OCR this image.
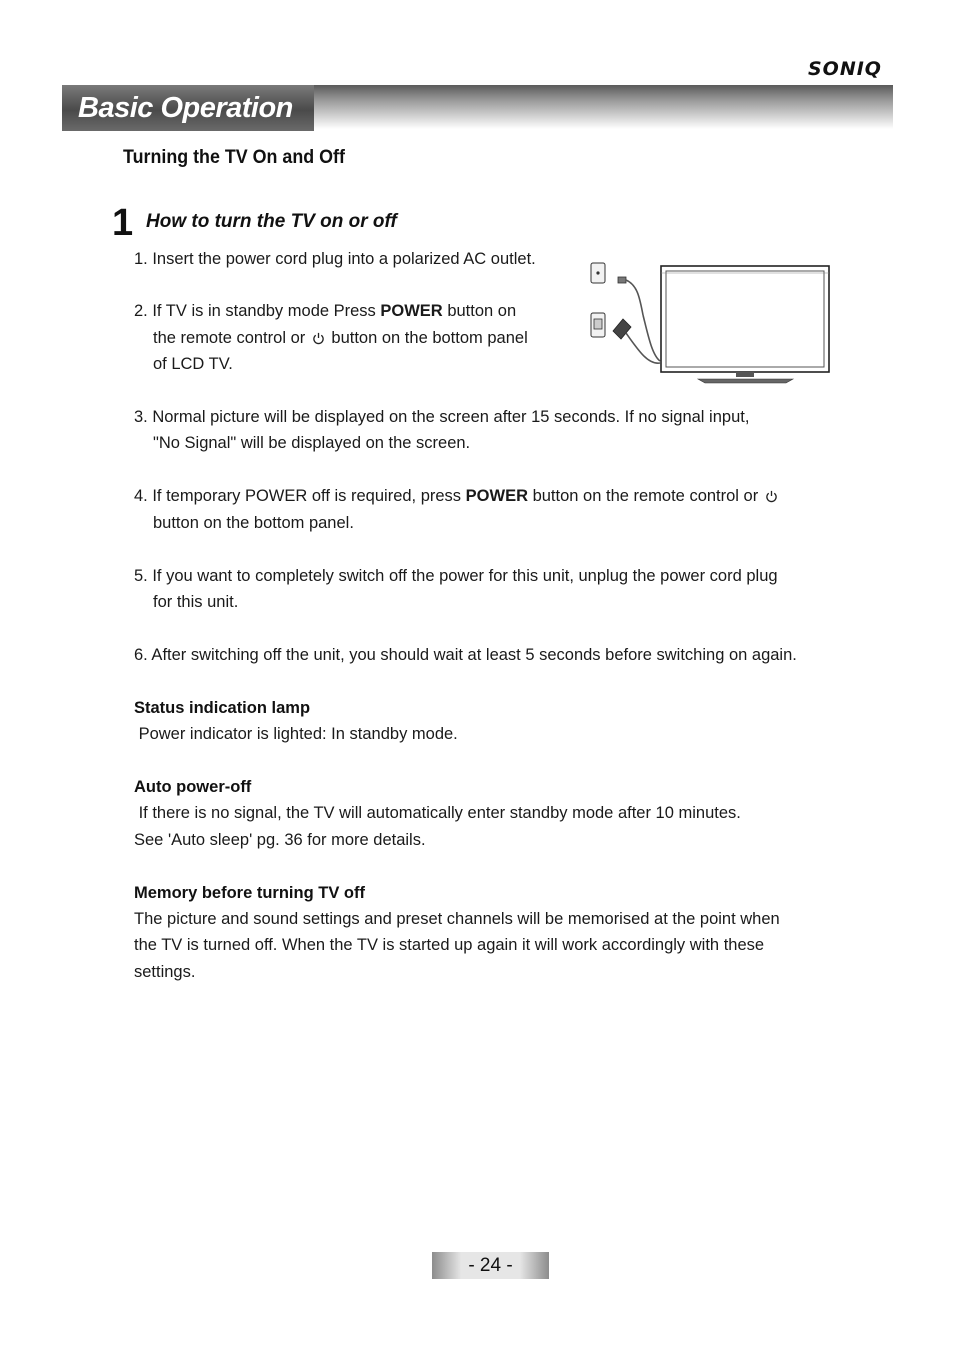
SONIQ
Basic Operation
Turning the TV On and Off
1 How to turn the TV on or off
1. Insert the power cord plug into a polarized AC outlet.
2. If TV is in standby mode Press POWER button on
the remote control or  button on the bottom panel
of LCD TV.
3. Normal picture will be displayed on the screen after 15 seconds. If no signal input,
"No Signal" will be displayed on the screen.
4. If temporary POWER off is required, press POWER button on the remote control or
button on the bottom panel.
5. If you want to completely switch off the power for this unit, unplug the power cord plug
for this unit.
6. After switching off the unit, you should wait at least 5 seconds before switching on again.
Status indication lamp
Power indicator is lighted: In standby mode.
Auto power-off
If there is no signal, the TV will automatically enter standby mode after 10 minutes.
See 'Auto sleep' pg. 36 for more details.
Memory before turning TV off
The picture and sound settings and preset channels will be memorised at the point when
the TV is turned off. When the TV is started up again it will work accordingly with these
settings.
- 24 -
